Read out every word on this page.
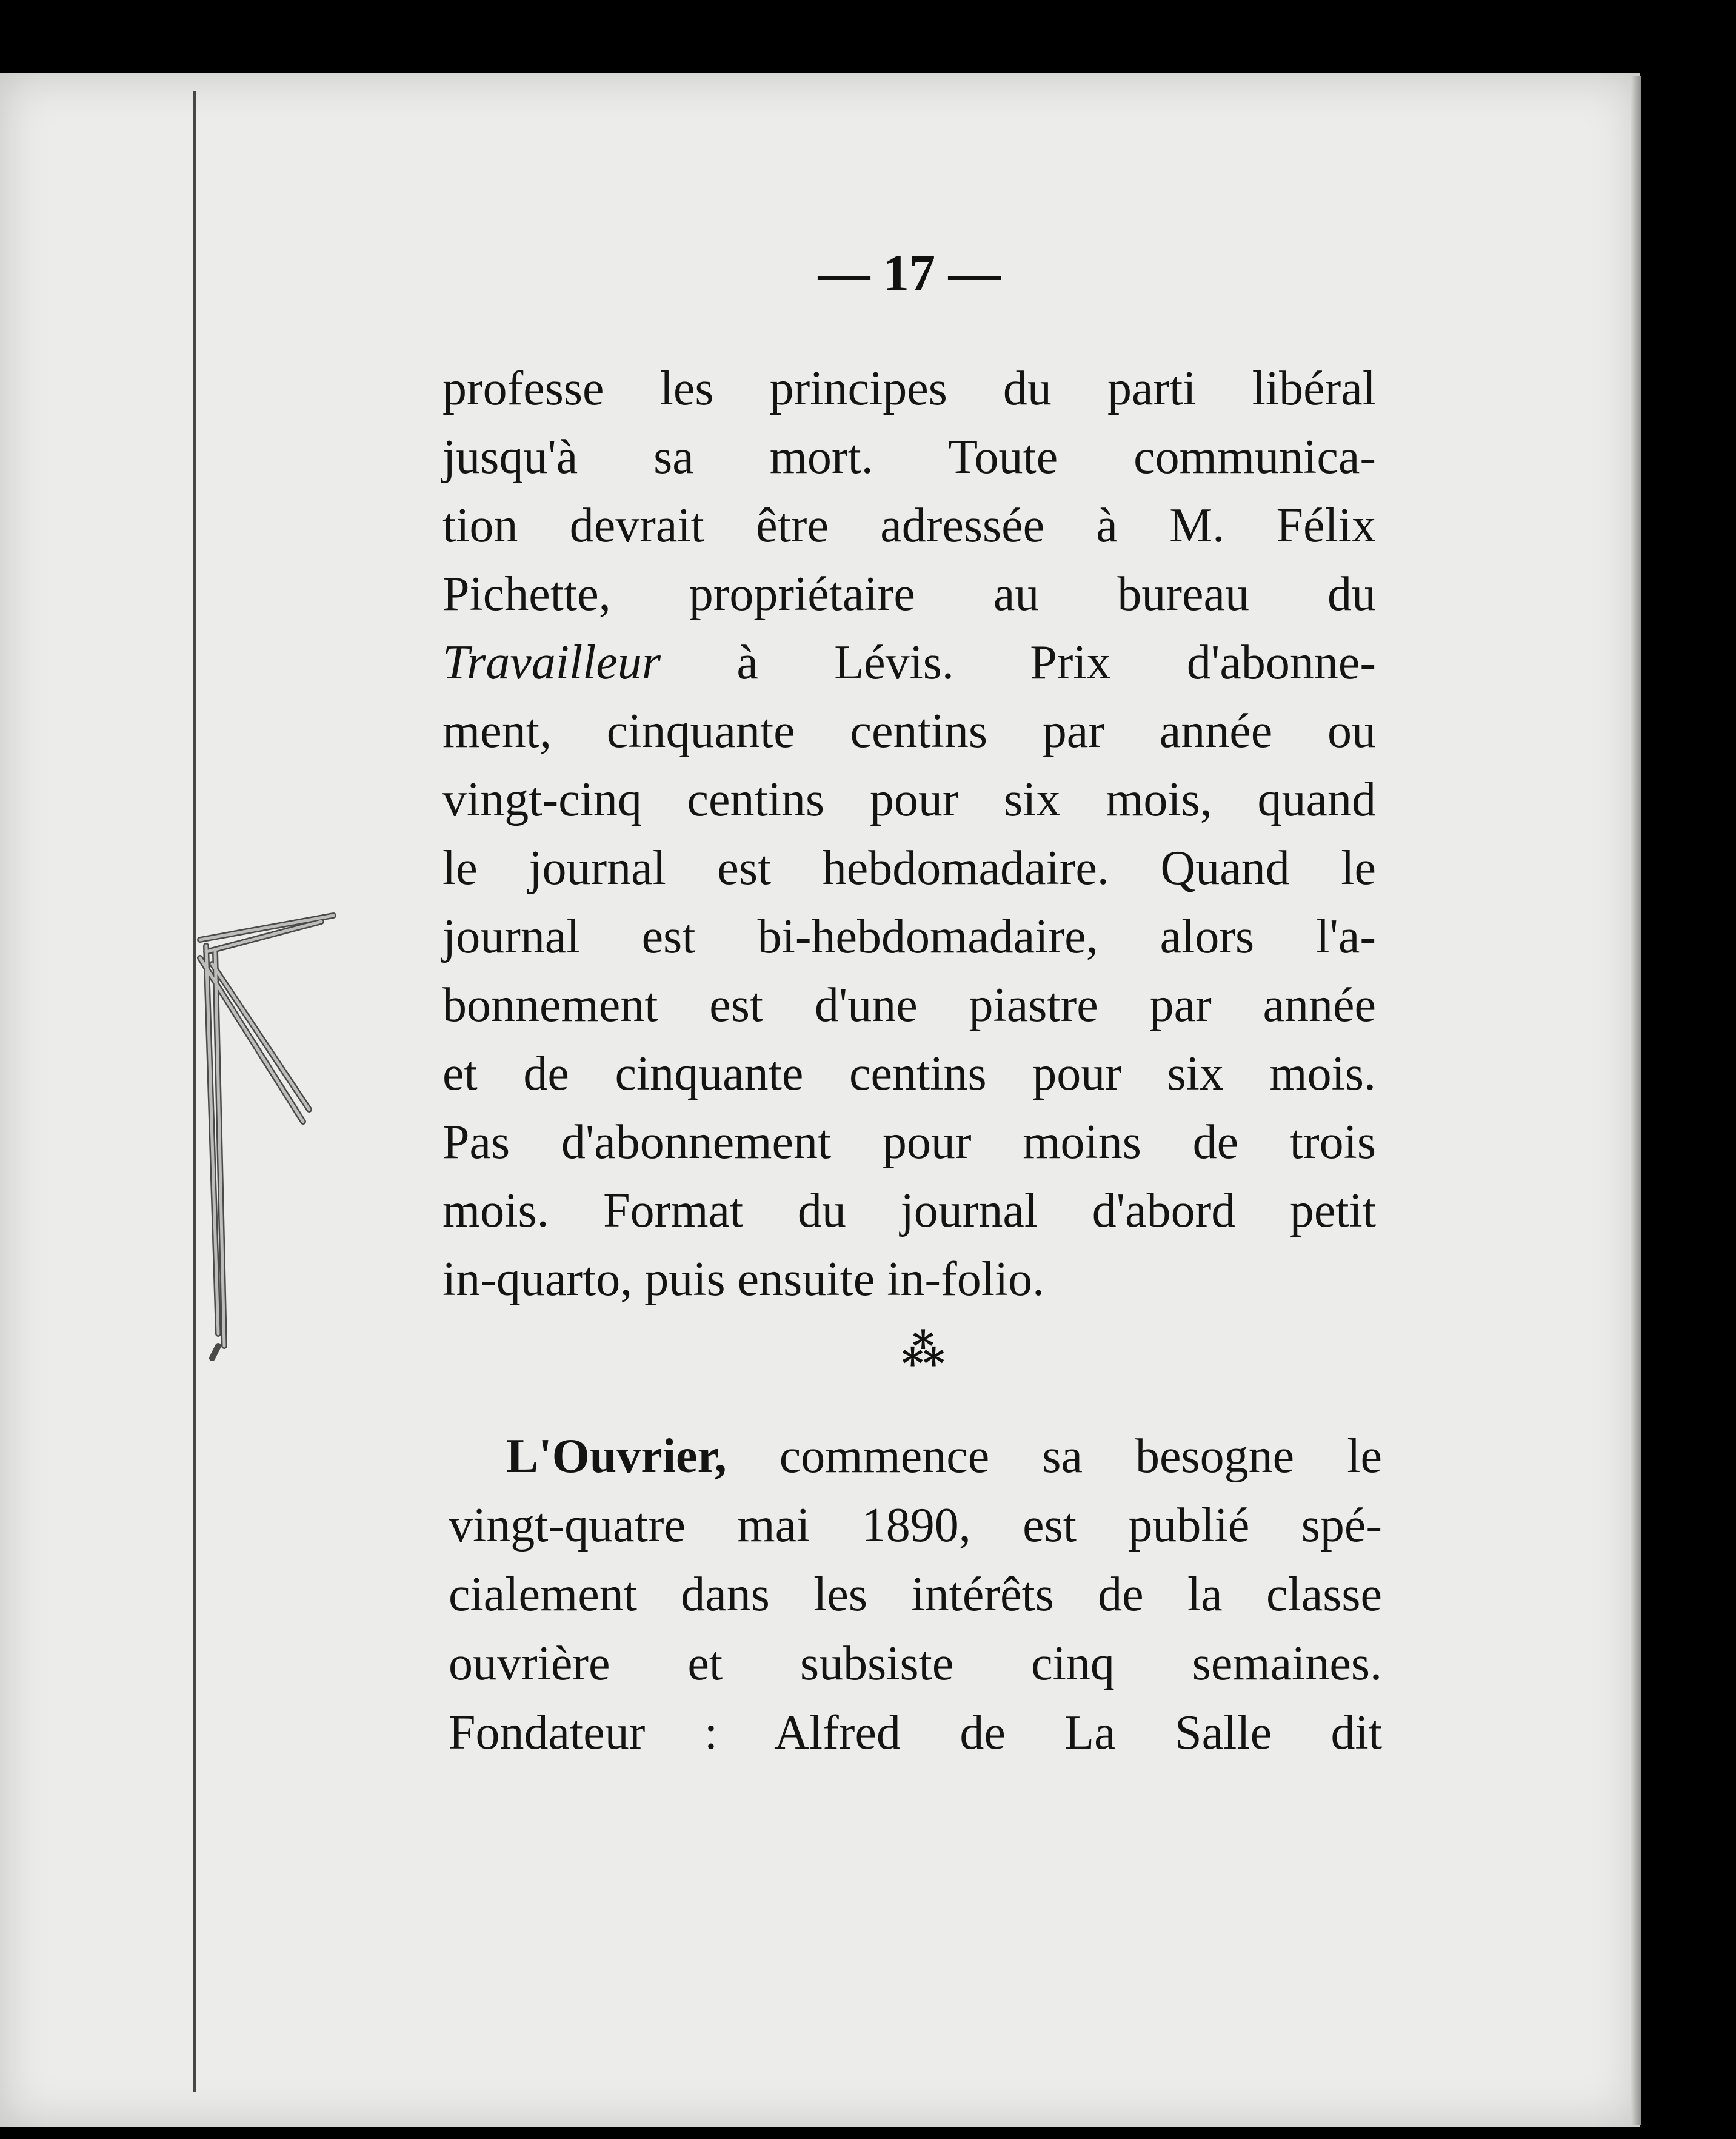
— 17 —
professe les principes du parti libéral
jusqu'à sa mort. Toute communica-
tion devrait être adressée à M. Félix
Pichette, propriétaire au bureau du
Travailleur à Lévis. Prix d'abonne-
ment, cinquante centins par année ou
vingt-cinq centins pour six mois, quand
le journal est hebdomadaire. Quand le
journal est bi-hebdomadaire, alors l'a-
bonnement est d'une piastre par année
et de cinquante centins pour six mois.
Pas d'abonnement pour moins de trois
mois. Format du journal d'abord petit
in-quarto, puis ensuite in-folio.
⁂
L'Ouvrier, commence sa besogne le
vingt-quatre mai 1890, est publié spé-
cialement dans les intérêts de la classe
ouvrière et subsiste cinq semaines.
Fondateur : Alfred de La Salle dit
